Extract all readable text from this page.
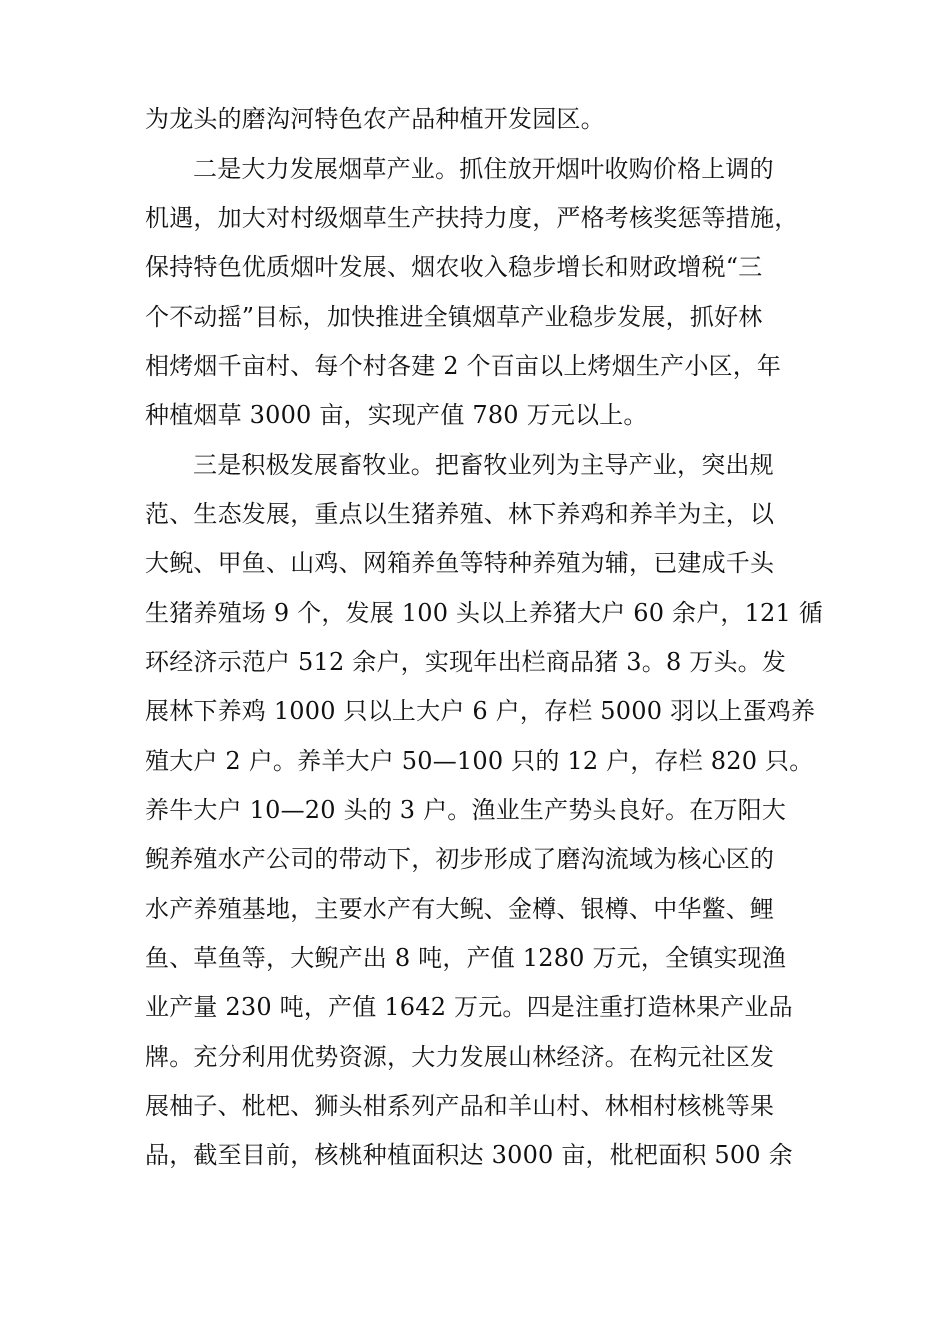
为龙头的磨沟河特色农产品种植开发园区。
二是大力发展烟草产业。抓住放开烟叶收购价格上调的
机遇，加大对村级烟草生产扶持力度，严格考核奖惩等措施，
保持特色优质烟叶发展、烟农收入稳步增长和财政增税“三
个不动摇”目标，加快推进全镇烟草产业稳步发展，抓好林
相烤烟千亩村、每个村各建 2 个百亩以上烤烟生产小区，年
种植烟草 3000 亩，实现产值 780 万元以上。
三是积极发展畜牧业。把畜牧业列为主导产业，突出规
范、生态发展，重点以生猪养殖、林下养鸡和养羊为主，以
大鲵、甲鱼、山鸡、网箱养鱼等特种养殖为辅，已建成千头
生猪养殖场 9 个，发展 100 头以上养猪大户 60 余户，121 循
环经济示范户 512 余户，实现年出栏商品猪 3。8 万头。发
展林下养鸡 1000 只以上大户 6 户，存栏 5000 羽以上蛋鸡养
殖大户 2 户。养羊大户 50—100 只的 12 户，存栏 820 只。
养牛大户 10—20 头的 3 户。渔业生产势头良好。在万阳大
鲵养殖水产公司的带动下，初步形成了磨沟流域为核心区的
水产养殖基地，主要水产有大鲵、金樽、银樽、中华鳖、鲤
鱼、草鱼等，大鲵产出 8 吨，产值 1280 万元，全镇实现渔
业产量 230 吨，产值 1642 万元。四是注重打造林果产业品
牌。充分利用优势资源，大力发展山林经济。在构元社区发
展柚子、枇杷、狮头柑系列产品和羊山村、林相村核桃等果
品，截至目前，核桃种植面积达 3000 亩，枇杷面积 500 余
